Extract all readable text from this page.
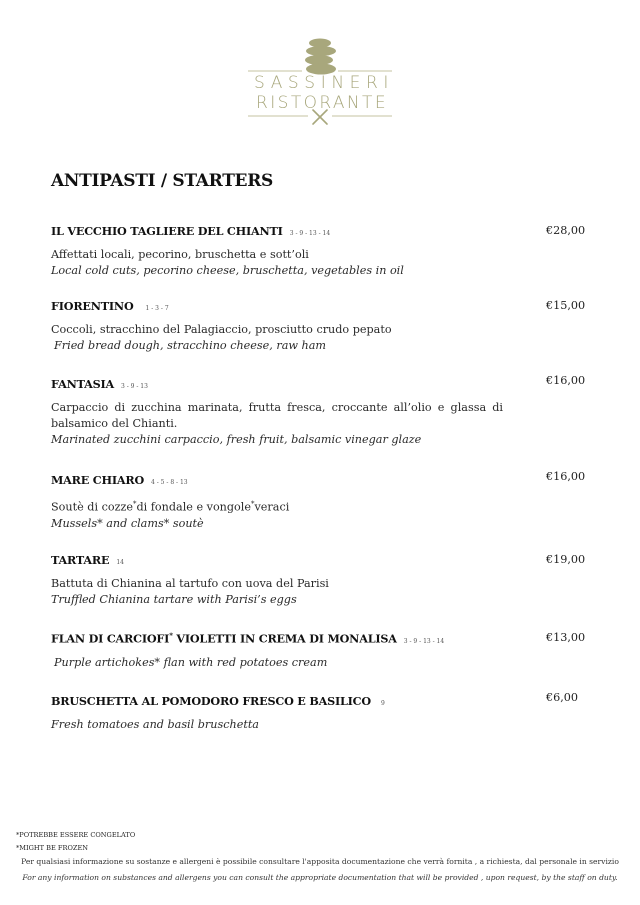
SASSINERI
RISTORANTE
ANTIPASTI / STARTERS
IL VECCHIO TAGLIERE DEL CHIANTI 3 - 9 - 13 - 14	€28,00
Affettati locali, pecorino, bruschetta e sott’oli
Local cold cuts, pecorino cheese, bruschetta, vegetables in oil
FIORENTINO 1 - 3 - 7	€15,00
Coccoli, stracchino del Palagiaccio, prosciutto crudo pepato
Fried bread dough, stracchino cheese, raw ham
FANTASIA 3 - 9 - 13	€16,00
Carpaccio di zucchina marinata, frutta fresca, croccante all’olio e glassa di balsamico del Chianti.
Marinated zucchini carpaccio, fresh fruit, balsamic vinegar glaze
MARE CHIARO 4 - 5 - 8 - 13	€16,00
Soutè di cozze*di fondale e vongole*veraci
Mussels* and clams* soutè
TARTARE 14	€19,00
Battuta di Chianina al tartufo con uova del Parisi
Truffled Chianina tartare with Parisi’s eggs
FLAN DI CARCIOFI* VIOLETTI IN CREMA DI MONALISA 3 - 9 - 13 - 14	€13,00
Purple artichokes* flan with red potatoes cream
BRUSCHETTA AL POMODORO FRESCO E BASILICO 9	€6,00
Fresh tomatoes and basil bruschetta
*POTREBBE ESSERE CONGELATO
*MIGHT BE FROZEN
Per qualsiasi informazione su sostanze e allergeni è possibile consultare l'apposita documentazione che verrà fornita , a richiesta, dal personale in servizio
For any information on substances and allergens you can consult the appropriate documentation that will be provided , upon request, by the staff on duty.
